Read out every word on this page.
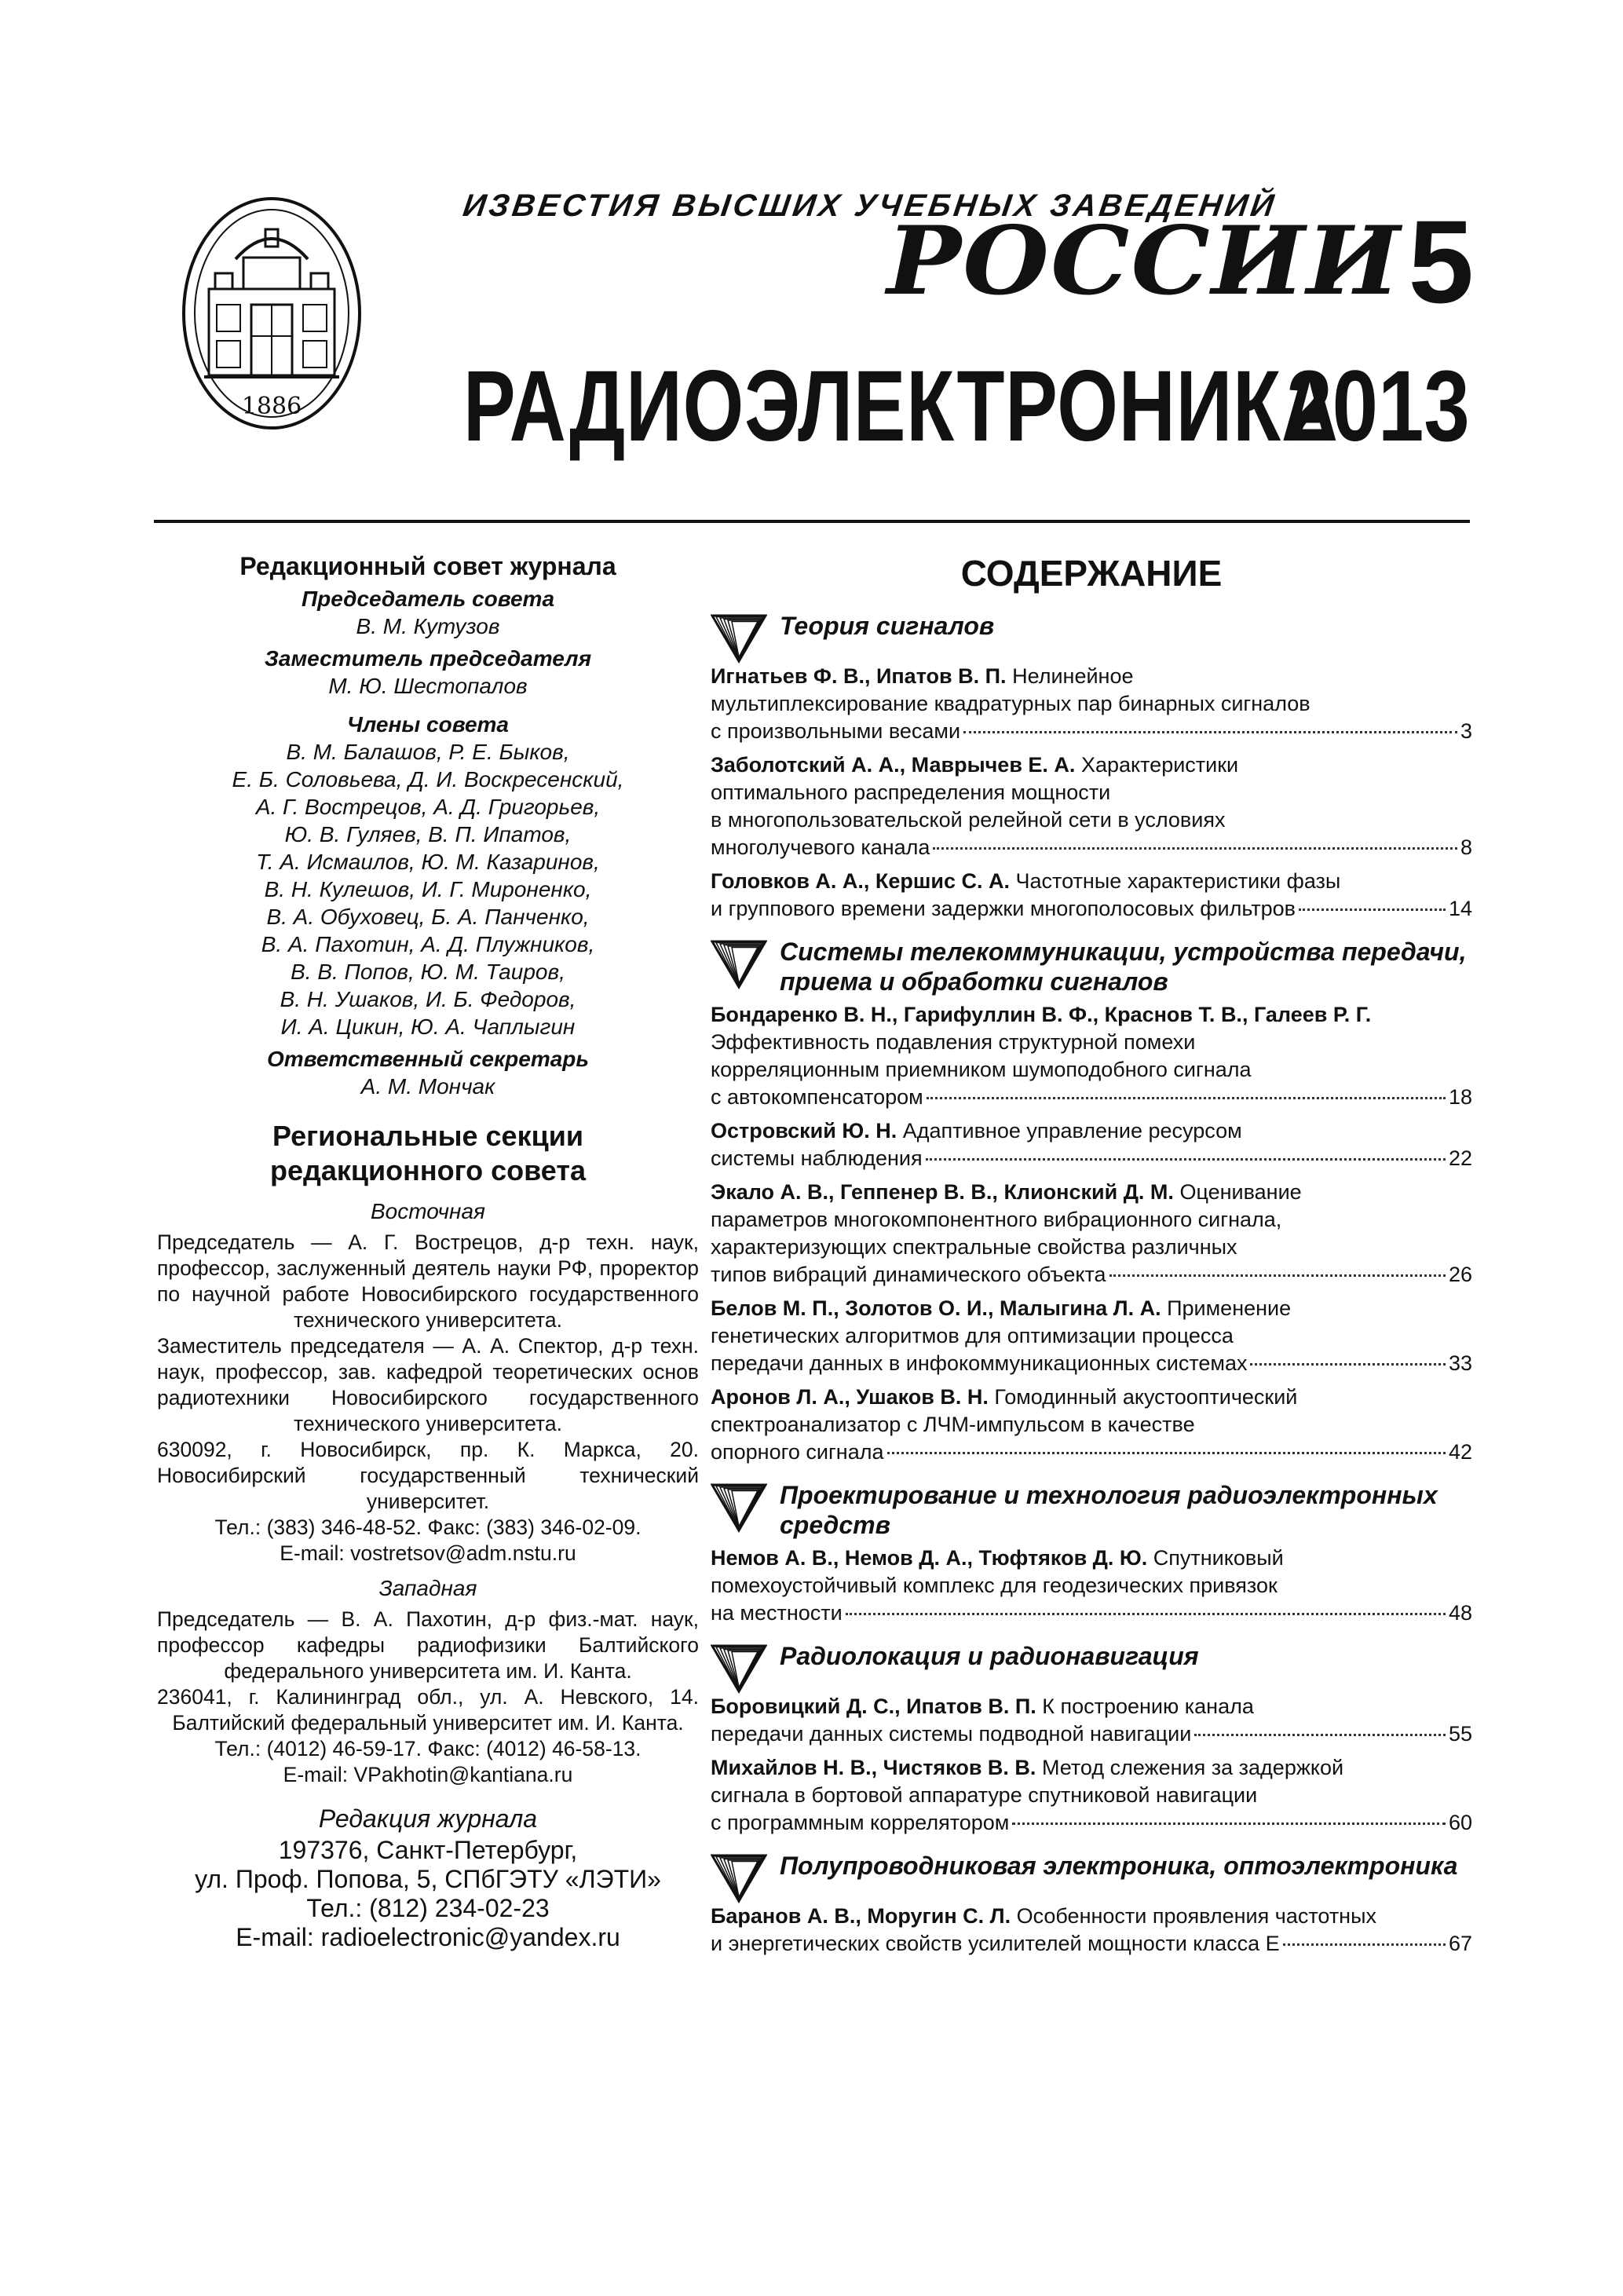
1886
ИЗВЕСТИЯ ВЫСШИХ УЧЕБНЫХ ЗАВЕДЕНИЙ
РОССИИ 5
РАДИОЭЛЕКТРОНИКА
2013
Редакционный совет журнала
Председатель совета
В. М. Кутузов
Заместитель председателя
М. Ю. Шестопалов
Члены совета
В. М. Балашов, Р. Е. Быков,
Е. Б. Соловьева, Д. И. Воскресенский,
А. Г. Вострецов, А. Д. Григорьев,
Ю. В. Гуляев, В. П. Ипатов,
Т. А. Исмаилов, Ю. М. Казаринов,
В. Н. Кулешов, И. Г. Мироненко,
В. А. Обуховец, Б. А. Панченко,
В. А. Пахотин, А. Д. Плужников,
В. В. Попов, Ю. М. Таиров,
В. Н. Ушаков, И. Б. Федоров,
И. А. Цикин, Ю. А. Чаплыгин
Ответственный секретарь
А. М. Мончак
Региональные секции
редакционного совета
Восточная

Председатель — А. Г. Вострецов, д-р техн. наук, профессор, заслуженный деятель науки РФ, проректор по научной работе Новосибирского государственного технического университета.

Заместитель председателя — А. А. Спектор, д-р техн. наук, профессор, зав. кафедрой теоретических основ радиотехники Новосибирского государственного технического университета.

630092, г. Новосибирск, пр. К. Маркса, 20. Новосибирский государственный технический университет.

Тел.: (383) 346-48-52. Факс: (383) 346-02-09.

E-mail: vostretsov@adm.nstu.ru

Западная

Председатель — В. А. Пахотин, д-р физ.-мат. наук, профессор кафедры радиофизики Балтийского федерального университета им. И. Канта.

236041, г. Калининград обл., ул. А. Невского, 14. Балтийский федеральный университет им. И. Канта.

Тел.: (4012) 46-59-17. Факс: (4012) 46-58-13.

E-mail: VPakhotin@kantiana.ru

Редакция журнала
197376, Санкт-Петербург,
ул. Проф. Попова, 5, СПбГЭТУ «ЛЭТИ»
Тел.: (812) 234-02-23
E-mail: radioelectronic@yandex.ru
СОДЕРЖАНИЕ
Теория сигналов
Игнатьев Ф. В., Ипатов В. П. Нелинейное
мультиплексирование квадратурных пар бинарных сигналов
с произвольными весами	3
Заболотский А. А., Маврычев Е. А. Характеристики
оптимального распределения мощности
в многопользовательской релейной сети в условиях
многолучевого канала	8
Головков А. А., Кершис С. А. Частотные характеристики фазы
и группового времени задержки многополосовых фильтров	14
Системы телекоммуникации, устройства передачи, приема и обработки сигналов
Бондаренко В. Н., Гарифуллин В. Ф., Краснов Т. В., Галеев Р. Г.
Эффективность подавления структурной помехи
корреляционным приемником шумоподобного сигнала
с автокомпенсатором	18
Островский Ю. Н. Адаптивное управление ресурсом
системы наблюдения	22
Экало А. В., Геппенер В. В., Клионский Д. М. Оценивание
параметров многокомпонентного вибрационного сигнала,
характеризующих спектральные свойства различных
типов вибраций динамического объекта	26
Белов М. П., Золотов О. И., Малыгина Л. А. Применение
генетических алгоритмов для оптимизации процесса
передачи данных в инфокоммуникационных системах	33
Аронов Л. А., Ушаков В. Н. Гомодинный акустооптический
спектроанализатор с ЛЧМ-импульсом в качестве
опорного сигнала	42
Проектирование и технология радиоэлектронных средств
Немов А. В., Немов Д. А., Тюфтяков Д. Ю. Спутниковый
помехоустойчивый комплекс для геодезических привязок
на местности	48
Радиолокация и радионавигация
Боровицкий Д. С., Ипатов В. П. К построению канала
передачи данных системы подводной навигации	55
Михайлов Н. В., Чистяков В. В. Метод слежения за задержкой
сигнала в бортовой аппаратуре спутниковой навигации
с программным коррелятором	60
Полупроводниковая электроника, оптоэлектроника
Баранов А. В., Моругин С. Л. Особенности проявления частотных
и энергетических свойств усилителей мощности класса Е	67
